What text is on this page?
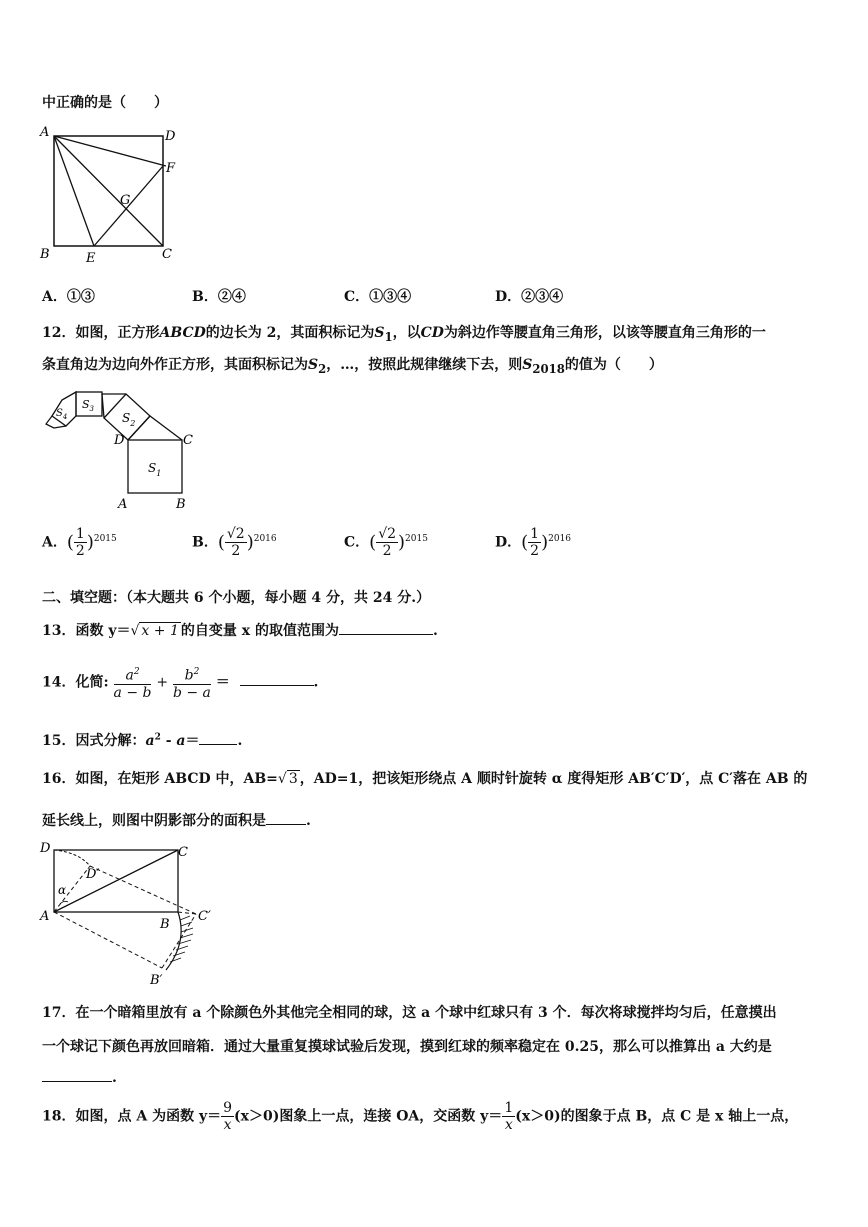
中正确的是（　　）
A	D
F
G
B	E	C
A．①③	B．②④	C．①③④	D．②③④
12．如图，正方形ABCD的边长为 2，其面积标记为$S_1$，以CD为斜边作等腰直角三角形，以该等腰直角三角形的一
条直角边为边向外作正方形，其面积标记为$S_2$，…，按照此规律继续下去，则$S_{2018}$的值为（　　）
$S_1$
$S_2$
$S_3$
$S_4$
D	C
A	B
A．( $\frac{1}{2} )^{2015}$	B．( $\frac{√2}{2} )^{2016}$	C．( $\frac{√2}{2} )^{2015}$	D．( $\frac{1}{2} )^{2016}$
二、填空题：（本大题共 6 个小题，每小题 4 分，共 24 分.）
13．函数 y＝√ x + 1 的自变量 x 的取值范围为	.
14．化简: $\frac{a^2}{a - b} + \frac{b^2}{b - a}$ ＝	.
15．因式分解：$a^2 - a=$	.
16．如图，在矩形 ABCD 中，AB=√ 3 ，AD=1，把该矩形绕点 A 顺时针旋转 α 度得矩形 AB′C′D′，点 C′落在 AB 的
延长线上，则图中阴影部分的面积是	.
D	C
D′
α
A
B
C′
B′
17．在一个暗箱里放有 a 个除颜色外其他完全相同的球，这 a 个球中红球只有 3 个．每次将球搅拌均匀后，任意摸出
一个球记下颜色再放回暗箱．通过大量重复摸球试验后发现，摸到红球的频率稳定在 0.25，那么可以推算出 a 大约是
.
18．如图，点 A 为函数 $y= \frac{9}{x} (x>0)$图象上一点，连接 OA，交函数 $y= \frac{1}{x} (x>0)$的图象于点 B，点 C 是 x 轴上一点，
